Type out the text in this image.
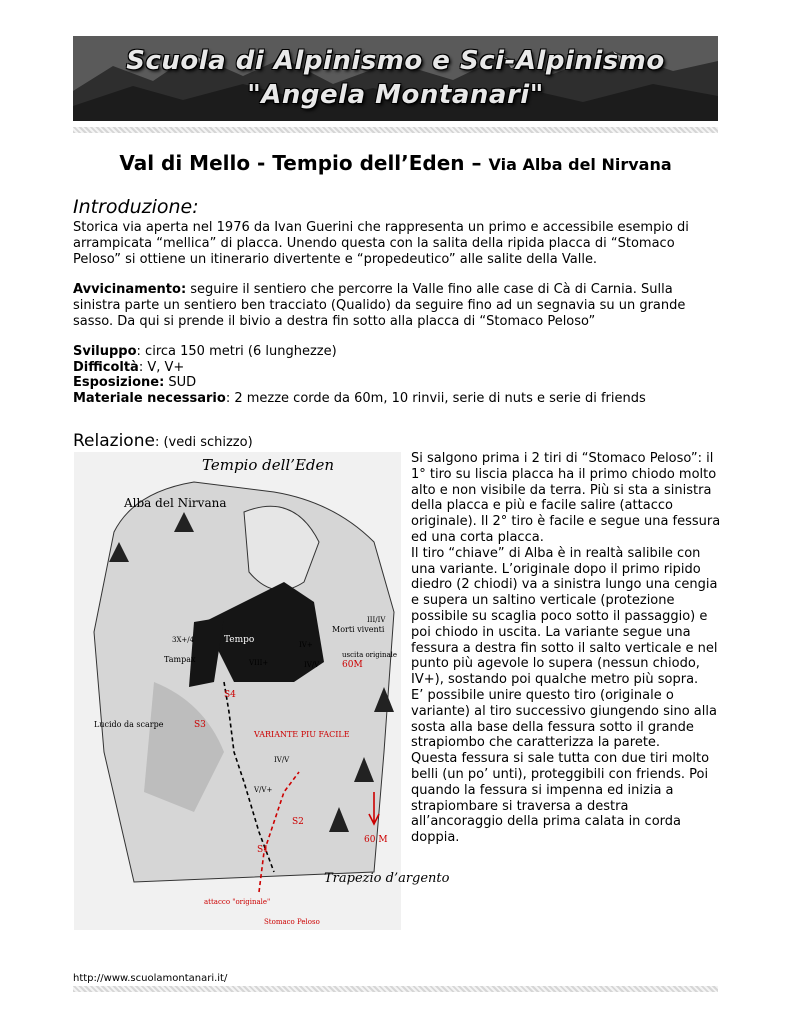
Scuola di Alpinismo e Sci-Alpinismo
"Angela Montanari"
Val di Mello - Tempio dell’Eden – Via Alba del Nirvana
Introduzione:

Storica via aperta nel 1976 da Ivan Guerini che rappresenta un primo e accessibile esempio di arrampicata “mellica” di placca. Unendo questa con la salita della ripida placca di “Stomaco Peloso” si ottiene un itinerario divertente e “propedeutico” alle salite della Valle.

Avvicinamento: seguire il sentiero che percorre la Valle fino alle case di Cà di Carnia. Sulla sinistra parte un sentiero ben tracciato (Qualido) da seguire fino ad un segnavia su un grande sasso. Da qui si prende il bivio a destra fin sotto alla placca di “Stomaco Peloso”

Sviluppo: circa 150 metri (6 lunghezze)
Difficoltà: V, V+
Esposizione: SUD
Materiale necessario: 2 mezze corde da 60m, 10 rinvii, serie di nuts e serie di friends
Relazione: (vedi schizzo)
Tempio dell’Eden
Alba del Nirvana
Tempo
Tampax
Lucido da scarpe
Morti viventi
uscita originale
VARIANTE PIU FACILE
Trapezio d’argento
attacco "originale"
Stomaco Peloso
S1
S2
S3
S4
60M
60 M
VIII+
IV+
IV/V
IV/V
3X+/4
III/IV
V/V+

Si salgono prima i 2 tiri di “Stomaco Peloso”: il 1° tiro su liscia placca ha il primo chiodo molto alto e non visibile da terra. Più si sta a sinistra della placca e più e facile salire (attacco originale). Il 2° tiro è facile e segue una fessura ed una corta placca.
Il tiro “chiave” di Alba è in realtà salibile con una variante. L’originale dopo il primo ripido diedro (2 chiodi) va a sinistra lungo una cengia e supera un saltino verticale (protezione possibile su scaglia poco sotto il passaggio) e poi chiodo in uscita. La variante segue una fessura a destra fin sotto il salto verticale e nel punto più agevole lo supera (nessun chiodo, IV+), sostando poi qualche metro più sopra.
E’ possibile unire questo tiro (originale o variante) al tiro successivo giungendo sino alla sosta alla base della fessura sotto il grande strapiombo che caratterizza la parete.
Questa fessura si sale tutta con due tiri molto belli (un po’ unti), proteggibili con friends. Poi quando la fessura si impenna ed inizia a strapiombare si traversa a destra all’ancoraggio della prima calata in corda doppia.

http://www.scuolamontanari.it/
